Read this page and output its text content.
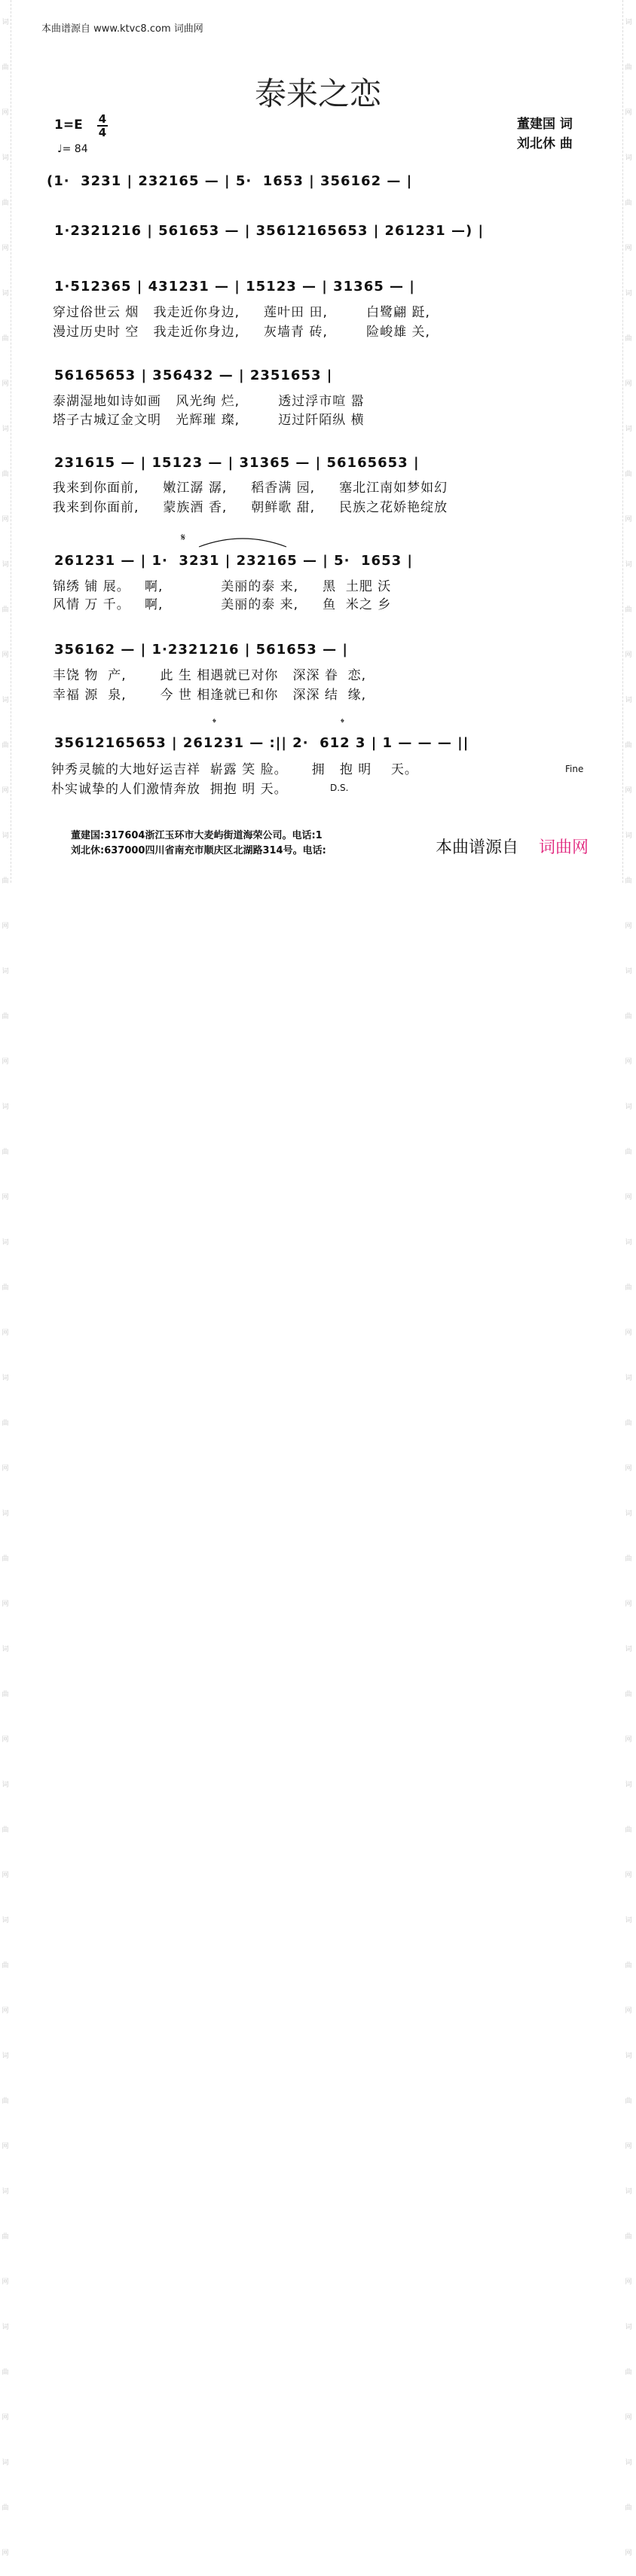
本曲谱源自 www.ktvc8.com 词曲网
词曲网
词曲网
词曲网
词曲网
词曲网
词曲网
词曲网
词曲网
词曲网
词曲网
词曲网
词曲网
词曲网
词曲网
词曲网
词曲网
词曲网
词曲网
词曲网
词曲网
词曲网
词曲网
词曲网
词曲网
词曲网
词曲网
词曲网
词曲网
词曲网
词曲网
词曲网
词曲网
词曲网
词曲网
词曲网
词曲网
词曲网
词曲网
泰来之恋
1=E 4
4
♩= 84
董建国 词
刘北休 曲
(1·  3231 | 232165 — | 5·  1653 | 356162 — |
1·2321216 | 561653 — | 35612165653 | 261231 —) |
1·512365 | 431231 — | 15123 — | 31365 — |
穿过俗世云 烟   我走近你身边,     莲叶田 田,        白鹭翩 跹,
漫过历史时 空   我走近你身边,     灰墙青 砖,        险峻雄 关,
56165653 | 356432 — | 2351653 |
泰湖湿地如诗如画   风光绚 烂,        透过浮市喧 嚣
塔子古城辽金文明   光辉璀 璨,        迈过阡陌纵 横
231615 — | 15123 — | 31365 — | 56165653 |
我来到你面前,     嫩江潺 潺,     稻香满 园,     塞北江南如梦如幻
我来到你面前,     蒙族酒 香,     朝鲜歌 甜,     民族之花娇艳绽放
𝄋
261231 — | 1·  3231 | 232165 — | 5·  1653 |
锦绣 铺 展。   啊,            美丽的泰 来,     黑  土肥 沃
风情 万 千。   啊,            美丽的泰 来,     鱼  米之 乡
356162 — | 1·2321216 | 561653 — |
丰饶 物  产,       此 生 相遇就已对你   深深 眷  恋,
幸福 源  泉,       今 世 相逢就已和你   深深 结  缘,
𝄌	𝄌
35612165653 | 261231 — :|| 2·  612 3 | 1 — — — ||
钟秀灵毓的大地好运吉祥  崭露 笑 脸。     拥   抱 明    天。
朴实诚挚的人们激情奔放  拥抱 明 天。
Fine
D.S.
董建国:317604浙江玉环市大麦屿街道海荣公司。电话:1
刘北休:637000四川省南充市顺庆区北湖路314号。电话:	本曲谱源自 词曲网
